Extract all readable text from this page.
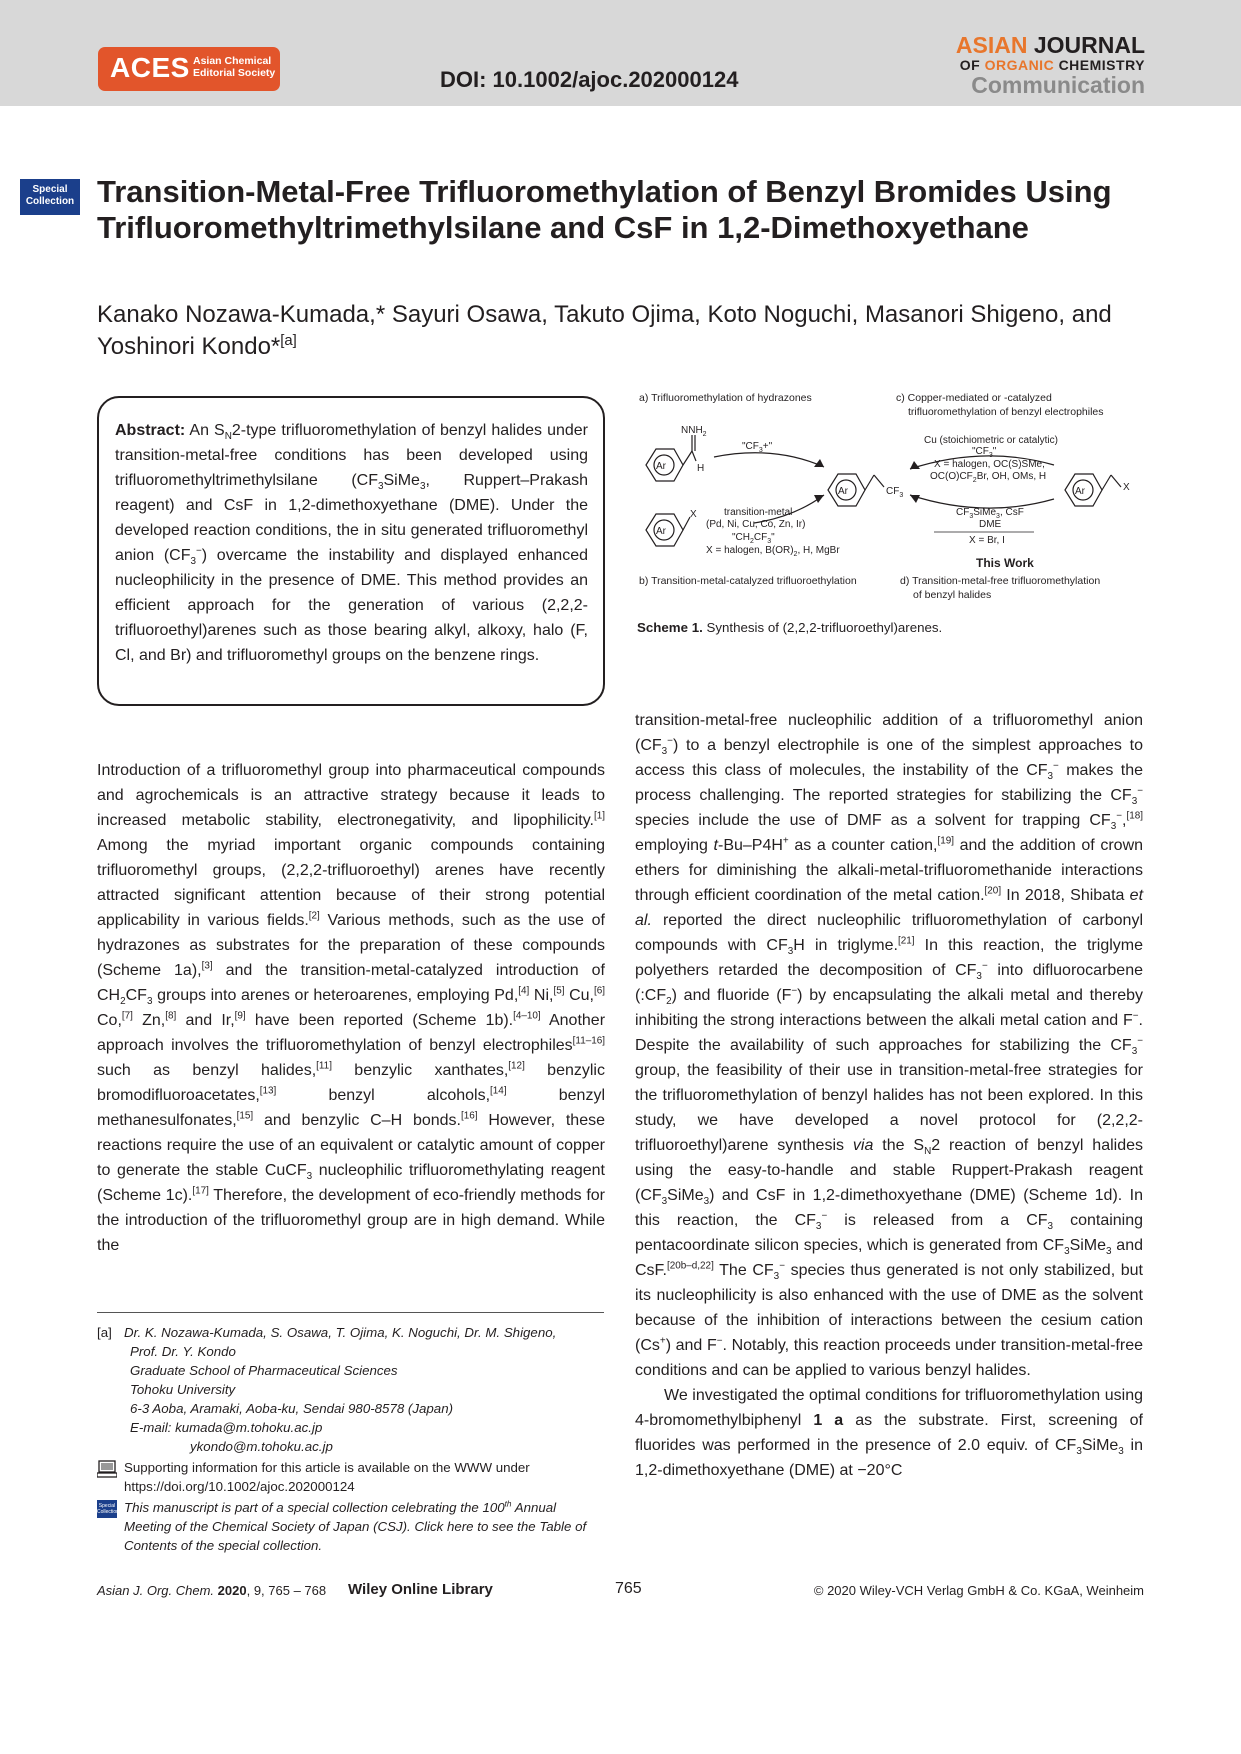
ACES Asian Chemical
Editorial Society	DOI: 10.1002/ajoc.202000124
ASIAN JOURNAL
OF ORGANIC CHEMISTRY
Communication
Special
Collection Transition-Metal-Free Trifluoromethylation of Benzyl Bromides Using Trifluoromethyltrimethylsilane and CsF in 1,2-Dimethoxyethane
Kanako Nozawa-Kumada,* Sayuri Osawa, Takuto Ojima, Koto Noguchi, Masanori Shigeno, and Yoshinori Kondo*[a]
Abstract: An $S_N2$-type trifluoromethylation of benzyl halides under transition-metal-free conditions has been developed using trifluoromethyltrimethylsilane ($CF_3SiMe_3$, Ruppert–Prakash reagent) and CsF in 1,2-dimethoxyethane (DME). Under the developed reaction conditions, the in situ generated trifluoromethyl anion $(CF_3^-)$ overcame the instability and displayed enhanced nucleophilicity in the presence of DME. This method provides an efficient approach for the generation of various (2,2,2-trifluoroethyl)arenes such as those bearing alkyl, alkoxy, halo (F, Cl, and Br) and trifluoromethyl groups on the benzene rings.
a) Trifluoromethylation of hydrazones	c) Copper-mediated or -catalyzed
trifluoromethylation of benzyl electrophiles
b) Transition-metal-catalyzed trifluoroethylation	d) Transition-metal-free trifluoromethylation
of benzyl halides
Ar
Ar
Ar	Ar
$NNH_2$
H
X
$CF_3$
X
"$CF_3+$"
transition-metal
(Pd, Ni, Cu, Co, Zn, Ir)
"$CH_2CF_3$"
X = halogen, $B(OR)_2$, H, MgBr
Cu (stoichiometric or catalytic)
"$CF_3$"
X = halogen, OC(S)SMe,
$OC(O)CF_2Br$, OH, OMs, H
$CF_3SiMe_3$, CsF
DME
X = Br, I
This Work
Scheme 1. Synthesis of (2,2,2-trifluoroethyl)arenes.

Introduction of a trifluoromethyl group into pharmaceutical compounds and agrochemicals is an attractive strategy because it leads to increased metabolic stability, electronegativity, and lipophilicity.[1] Among the myriad important organic compounds containing trifluoromethyl groups, (2,2,2-trifluoroethyl) arenes have recently attracted significant attention because of their strong potential applicability in various fields.[2] Various methods, such as the use of hydrazones as substrates for the preparation of these compounds (Scheme 1a),[3] and the transition-metal-catalyzed introduction of $CH_2CF_3$ groups into arenes or heteroarenes, employing Pd,[4] Ni,[5] Cu,[6] Co,[7] Zn,[8] and Ir,[9] have been reported (Scheme 1b).[4–10] Another approach involves the trifluoromethylation of benzyl electrophiles[11–16] such as benzyl halides,[11] benzylic xanthates,[12] benzylic bromodifluoroacetates,[13] benzyl alcohols,[14] benzyl methanesulfonates,[15] and benzylic C–H bonds.[16] However, these reactions require the use of an equivalent or catalytic amount of copper to generate the stable CuCF$_3$ nucleophilic trifluoromethylating reagent (Scheme 1c).[17] Therefore, the development of eco-friendly methods for the introduction of the trifluoromethyl group are in high demand. While the

transition-metal-free nucleophilic addition of a trifluoromethyl anion $(CF_3^-)$ to a benzyl electrophile is one of the simplest approaches to access this class of molecules, the instability of the $CF_3^-$ makes the process challenging. The reported strategies for stabilizing the $CF_3^-$ species include the use of DMF as a solvent for trapping $CF_3^-,[18]$ employing t-Bu–P4H+ as a counter cation,[19] and the addition of crown ethers for diminishing the alkali-metal-trifluoromethanide interactions through efficient coordination of the metal cation.[20] In 2018, Shibata et al. reported the direct nucleophilic trifluoromethylation of carbonyl compounds with $CF_3H$ in triglyme.[21] In this reaction, the triglyme polyethers retarded the decomposition of $CF_3^-$ into difluorocarbene $(:CF_2)$ and fluoride (F−) by encapsulating the alkali metal and thereby inhibiting the strong interactions between the alkali metal cation and F−. Despite the availability of such approaches for stabilizing the $CF_3^-$ group, the feasibility of their use in transition-metal-free strategies for the trifluoromethylation of benzyl halides has not been explored. In this study, we have developed a novel protocol for (2,2,2-trifluoroethyl)arene synthesis via the $S_N2$ reaction of benzyl halides using the easy-to-handle and stable Ruppert-Prakash reagent $(CF_3SiMe_3)$ and CsF in 1,2-dimethoxyethane (DME) (Scheme 1d). In this reaction, the $CF_3^-$ is released from a $CF_3$ containing pentacoordinate silicon species, which is generated from $CF_3SiMe_3$ and CsF.[20b–d,22] The $CF_3^-$ species thus generated is not only stabilized, but its nucleophilicity is also enhanced with the use of DME as the solvent because of the inhibition of interactions between the cesium cation (Cs+) and F−. Notably, this reaction proceeds under transition-metal-free conditions and can be applied to various benzyl halides.

We investigated the optimal conditions for trifluoromethylation using 4-bromomethylbiphenyl 1 a as the substrate. First, screening of fluorides was performed in the presence of 2.0 equiv. of $CF_3SiMe_3$ in 1,2-dimethoxyethane (DME) at −20°C

[a] Dr. K. Nozawa-Kumada, S. Osawa, T. Ojima, K. Noguchi, Dr. M. Shigeno,
Prof. Dr. Y. Kondo
Graduate School of Pharmaceutical Sciences
Tohoku University
6-3 Aoba, Aramaki, Aoba-ku, Sendai 980-8578 (Japan)
E-mail: kumada@m.tohoku.ac.jp
ykondo@m.tohoku.ac.jp
Supporting information for this article is available on the WWW under https://doi.org/10.1002/ajoc.202000124
Special
Collection This manuscript is part of a special collection celebrating the 100th Annual Meeting of the Chemical Society of Japan (CSJ). Click here to see the Table of Contents of the special collection.
Asian J. Org. Chem. 2020, 9, 765 – 768 Wiley Online Library	765	© 2020 Wiley-VCH Verlag GmbH & Co. KGaA, Weinheim
